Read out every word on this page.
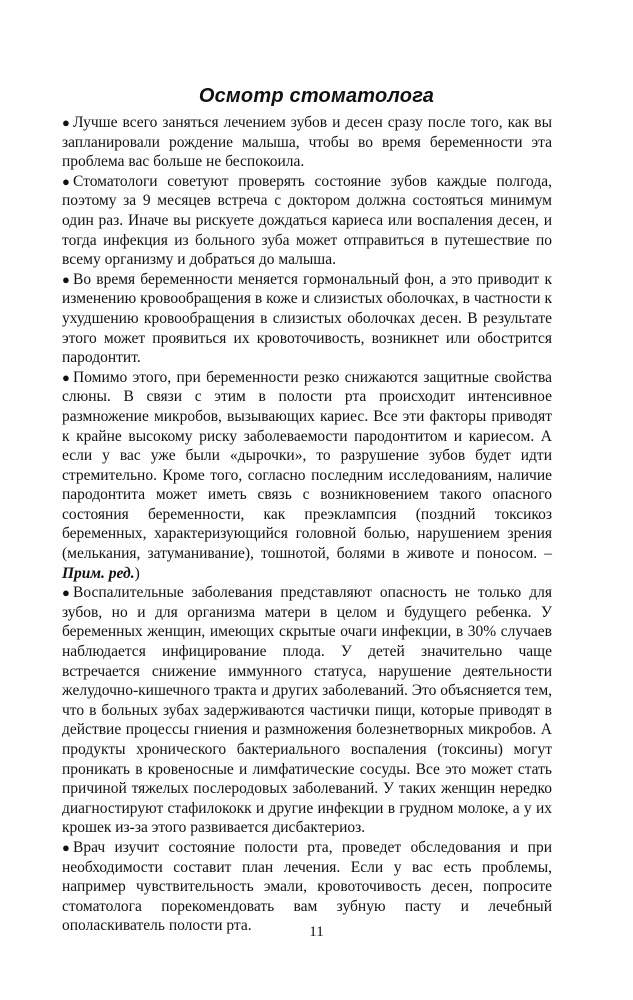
Осмотр стоматолога

● Лучше всего заняться лечением зубов и десен сразу после того, как вы запланировали рождение малыша, чтобы во время беременности эта проблема вас больше не беспокоила.

● Стоматологи советуют проверять состояние зубов каждые полгода, поэтому за 9 месяцев встреча с доктором должна состояться минимум один раз. Иначе вы рискуете дождаться кариеса или воспаления десен, и тогда инфекция из больного зуба может отправиться в путешествие по всему организму и добраться до малыша.

● Во время беременности меняется гормональный фон, а это приводит к изменению кровообращения в коже и слизистых оболочках, в частности к ухудшению кровообращения в слизистых оболочках десен. В результате этого может проявиться их кровоточивость, возникнет или обострится пародонтит.

● Помимо этого, при беременности резко снижаются защитные свойства слюны. В связи с этим в полости рта происходит интенсивное размножение микробов, вызывающих кариес. Все эти факторы приводят к крайне высокому риску заболеваемости пародонтитом и кариесом. А если у вас уже были «дырочки», то разрушение зубов будет идти стремительно. Кроме того, согласно последним исследованиям, наличие пародонтита может иметь связь с возникновением такого опасного состояния беременности, как преэклампсия (поздний токсикоз беременных, характеризующийся головной болью, нарушением зрения (мелькания, затуманивание), тошнотой, болями в животе и поносом. – Прим. ред.)

● Воспалительные заболевания представляют опасность не только для зубов, но и для организма матери в целом и будущего ребенка. У беременных женщин, имеющих скрытые очаги инфекции, в 30% случаев наблюдается инфицирование плода. У детей значительно чаще встречается снижение иммунного статуса, нарушение деятельности желудочно-кишечного тракта и других заболеваний. Это объясняется тем, что в больных зубах задерживаются частички пищи, которые приводят в действие процессы гниения и размножения болезнетворных микробов. А продукты хронического бактериального воспаления (токсины) могут проникать в кровеносные и лимфатические сосуды. Все это может стать причиной тяжелых послеродовых заболеваний. У таких женщин нередко диагностируют стафилококк и другие инфекции в грудном молоке, а у их крошек из-за этого развивается дисбактериоз.

● Врач изучит состояние полости рта, проведет обследования и при необходимости составит план лечения. Если у вас есть проблемы, например чувствительность эмали, кровоточивость десен, попросите стоматолога порекомендовать вам зубную пасту и лечебный ополаскиватель полости рта.	11
